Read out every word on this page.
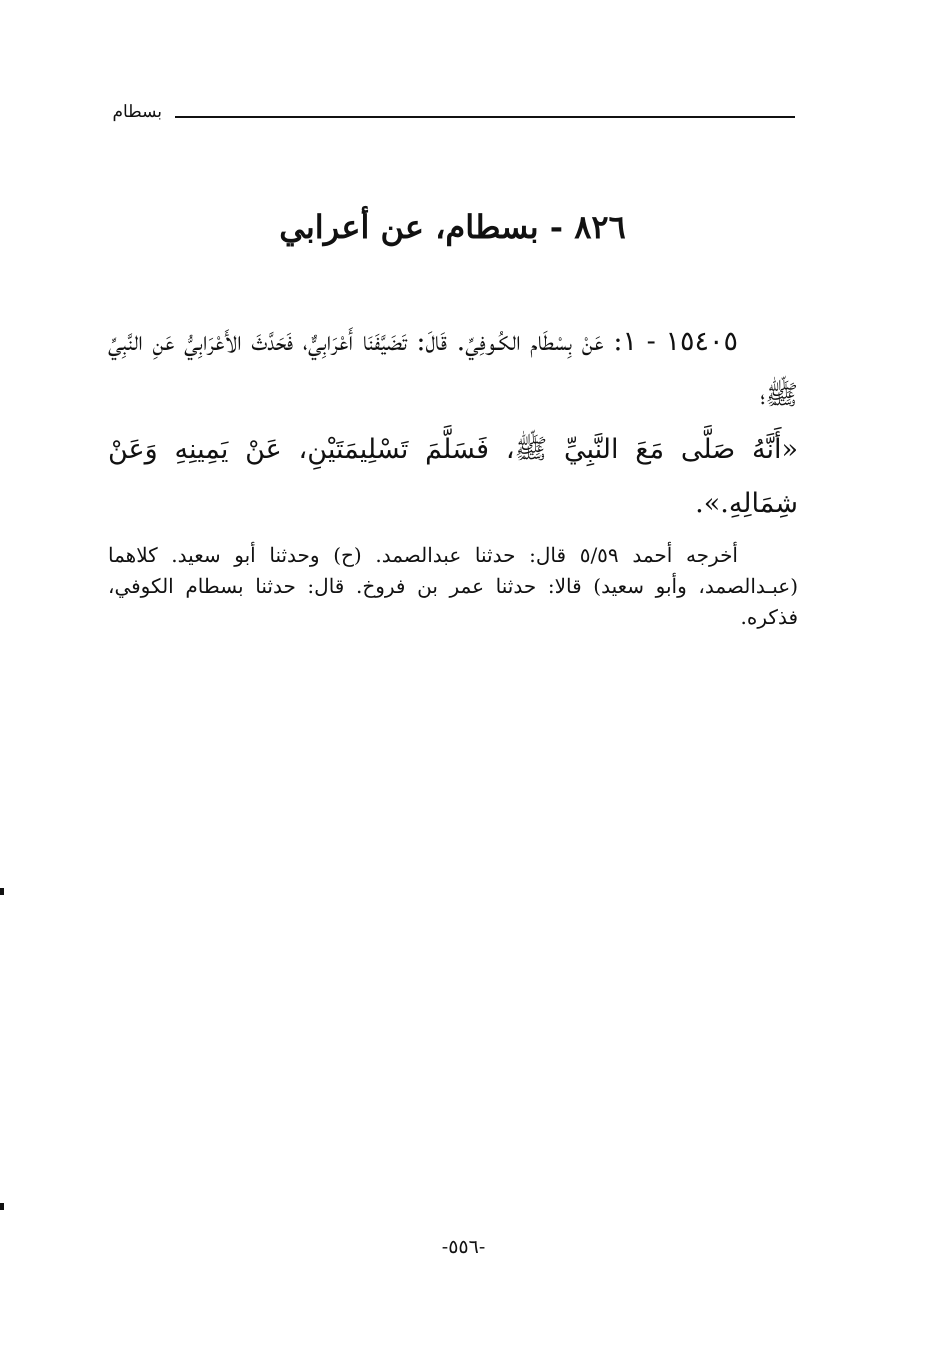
بسطام
٨٢٦ - بسطام، عن أعرابي

١٥٤٠٥ - ١: عَنْ بِسْطَام الكُـوفِيِّ. قَالَ: تَضَيَّفَنَا أَعْرَابِيٌّ، فَحَدَّثَ الأَعْرَابِيُّ عَنِ النَّبِيِّ ﷺ؛

«أَنَّهُ صَلَّى مَعَ النَّبِيِّ ﷺ، فَسَلَّمَ تَسْلِيمَتَيْنِ، عَنْ يَمِينِهِ وَعَنْ شِمَالِهِ.».

أخرجه أحمد ٥/٥٩ قال: حدثنا عبدالصمد. (ح) وحدثنا أبو سعيد. كلاهما (عبـدالصمد، وأبو سعيد) قالا: حدثنا عمر بن فروخ. قال: حدثنا بسطام الكوفي، فذكره.

-٥٥٦-
